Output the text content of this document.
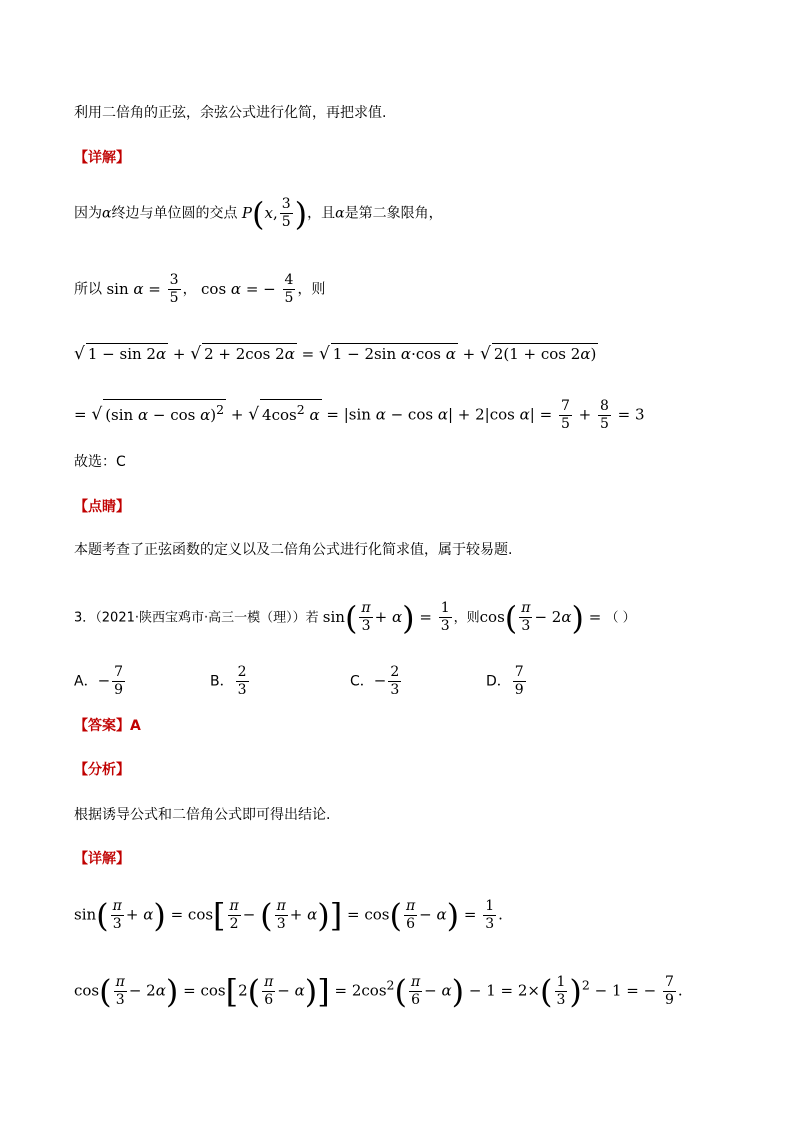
利用二倍角的正弦，余弦公式进行化简，再把求值.
【详解】
因为α终边与单位圆的交点 P(x, $\frac{3}{5}$ )，且α是第二象限角，
所以 $\sin \alpha = \frac{3}{5}$ ， cos α = − $\frac{4}{5}$ ，则
√ 1 − sin 2α + √ 2 + 2cos 2α = √ 1 − 2sin α·cos α + √ 2(1 + cos 2α)
= √ (sin α − cos α)$^2$ + √ $4\cos^2$ α = |sin α − cos α| + 2|cos $\alpha| = \frac{7}{5} + \frac{8}{5} = 3$
故选：C
【点睛】
本题考查了正弦函数的定义以及二倍角公式进行化简求值，属于较易题.
3．（2021·陕西宝鸡市·高三一模（理））若 $\sin( \frac{\pi}{3} + \alpha) = \frac{1}{3}$ ，则$\cos( \frac{\pi}{3} - 2\alpha)$ = （ ）
A．− $\frac{7}{9}$	B． $\frac{2}{3}$	C．− $\frac{2}{3}$	D． $\frac{7}{9}$
【答案】A
【分析】
根据诱导公式和二倍角公式即可得出结论.
【详解】
$\sin( \frac{\pi}{3} + \alpha) = \cos[ \frac{\pi}{2}$ − ( $\frac{\pi}{3} + \alpha)] = \cos( \frac{\pi}{6} - \alpha) = \frac{1}{3}$ .
$\cos( \frac{\pi}{3} - 2\alpha) = \cos[2( \frac{\pi}{6} - \alpha)] = 2\cos^2( \frac{\pi}{6} - \alpha) - 1 = 2\times( \frac{1}{3} )^2 - 1$ = − $\frac{7}{9}$ .
